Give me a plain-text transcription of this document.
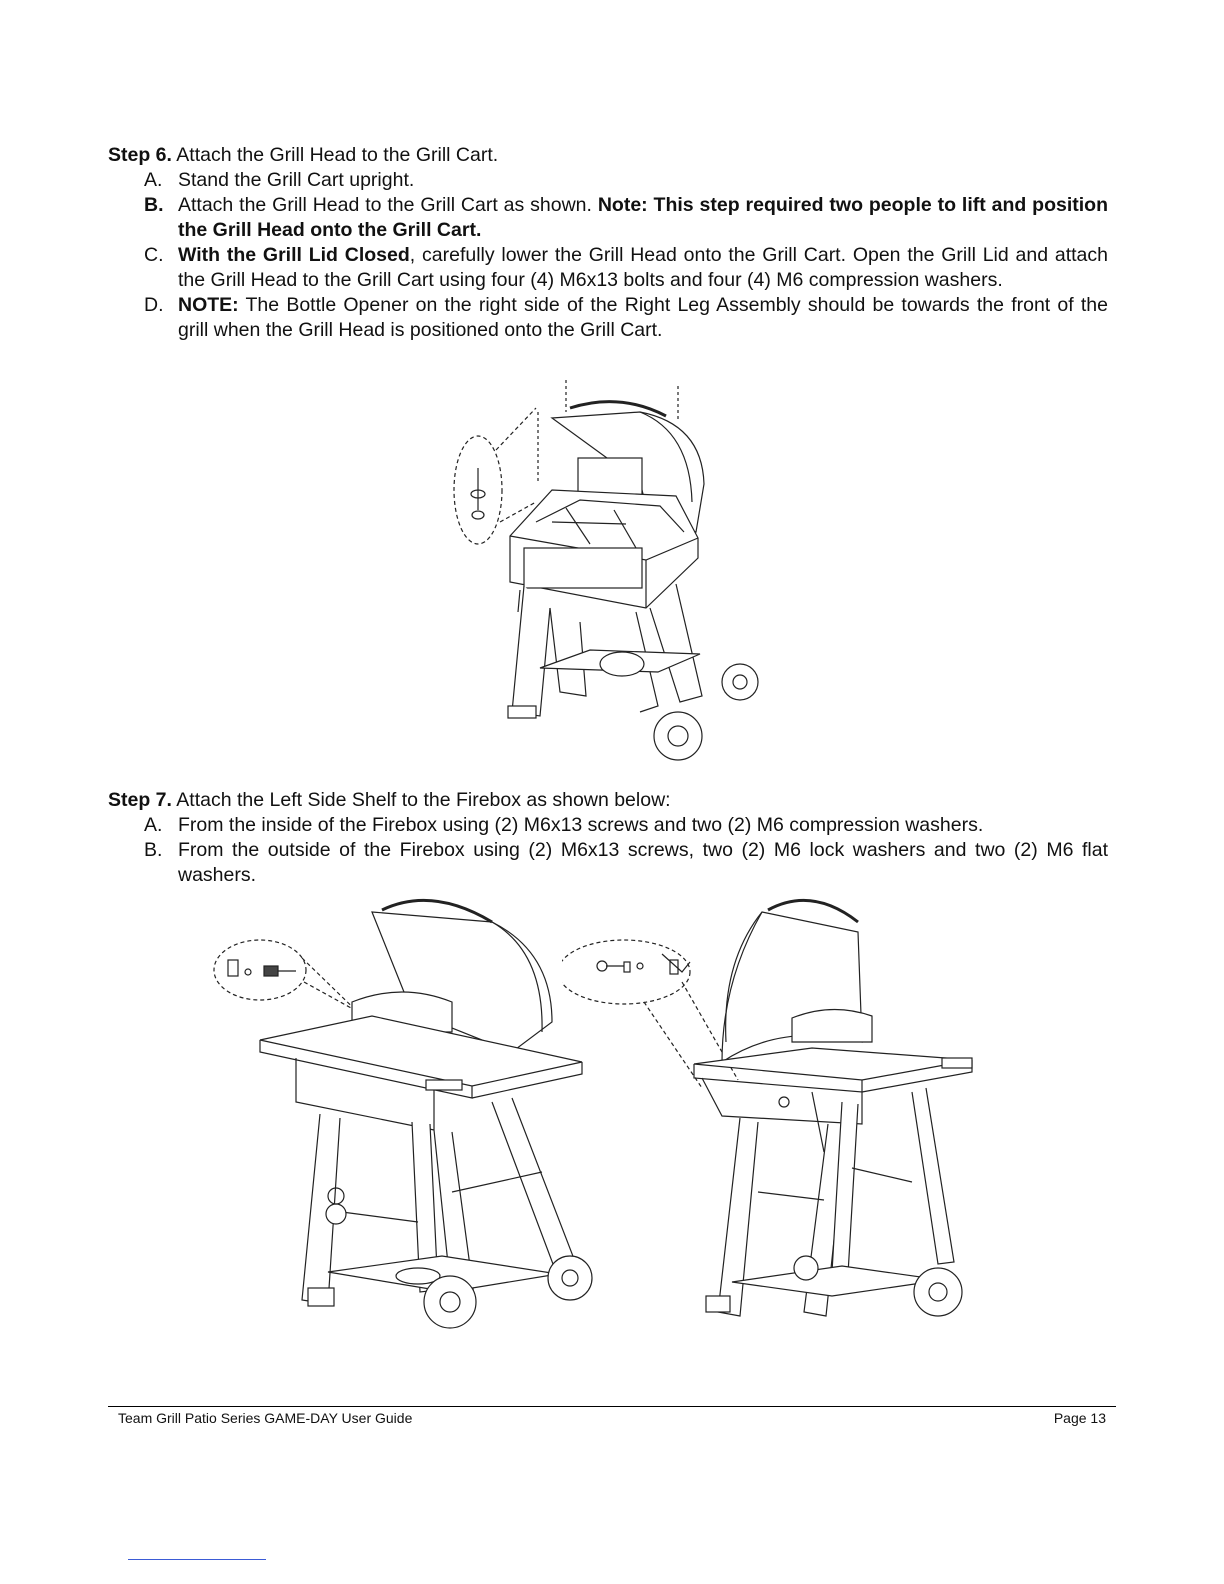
Step 6. Attach the Grill Head to the Grill Cart.
A. Stand the Grill Cart upright.
B. Attach the Grill Head to the Grill Cart as shown. Note: This step required two people to lift and position the Grill Head onto the Grill Cart.
C. With the Grill Lid Closed, carefully lower the Grill Head onto the Grill Cart. Open the Grill Lid and attach the Grill Head to the Grill Cart using four (4) M6x13 bolts and four (4) M6 compression washers.
D. NOTE: The Bottle Opener on the right side of the Right Leg Assembly should be towards the front of the grill when the Grill Head is positioned onto the Grill Cart.
Step 7. Attach the Left Side Shelf to the Firebox as shown below:
A. From the inside of the Firebox using (2) M6x13 screws and two (2) M6 compression washers.
B. From the outside of the Firebox using (2) M6x13 screws, two (2) M6 lock washers and two (2) M6 flat washers.
Team Grill Patio Series GAME-DAY User Guide	Page 13
